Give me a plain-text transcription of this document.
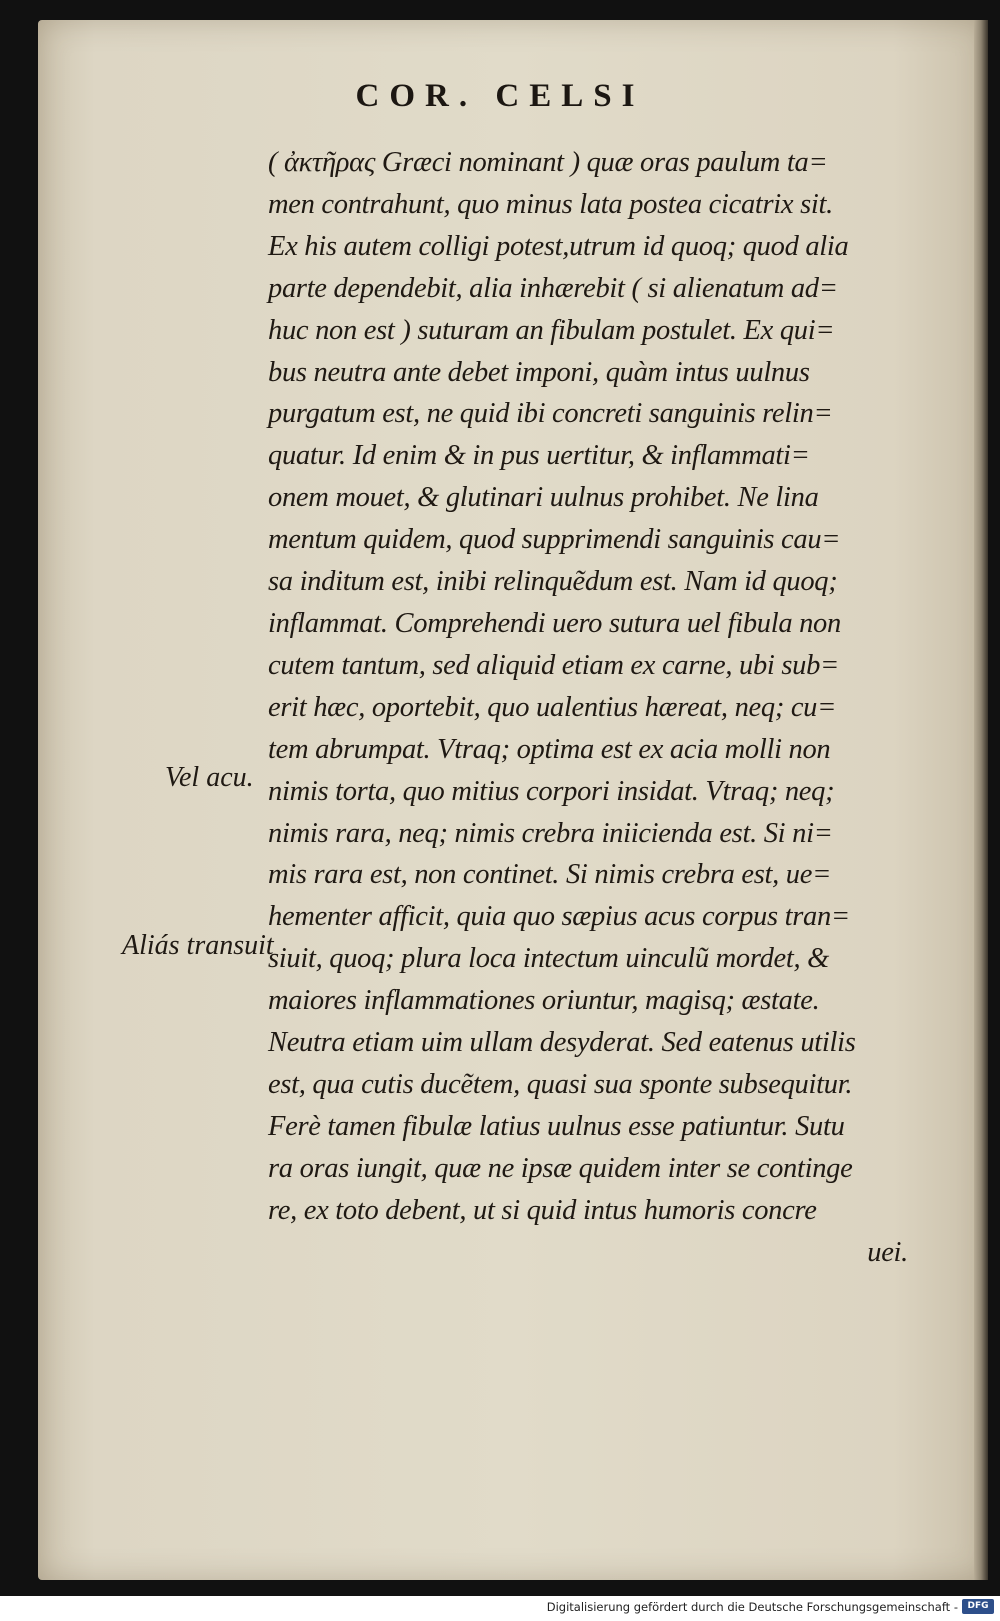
COR. CELSI
( ἀκτῆρας Græci nominant ) quæ oras paulum ta=
men contrahunt, quo minus lata postea cicatrix sit.
Ex his autem colligi potest,utrum id quoq; quod alia
parte dependebit, alia inhærebit ( si alienatum ad=
huc non est ) suturam an fibulam postulet. Ex qui=
bus neutra ante debet imponi, quàm intus uulnus
purgatum est, ne quid ibi concreti sanguinis relin=
quatur. Id enim & in pus uertitur, & inflammati=
onem mouet, & glutinari uulnus prohibet. Ne lina
mentum quidem, quod supprimendi sanguinis cau=
sa inditum est, inibi relinquẽdum est. Nam id quoq;
inflammat. Comprehendi uero sutura uel fibula non
cutem tantum, sed aliquid etiam ex carne, ubi sub=
erit hæc, oportebit, quo ualentius hæreat, neq; cu=
tem abrumpat. Vtraq; optima est ex acia molli non
nimis torta, quo mitius corpori insidat. Vtraq; neq;
nimis rara, neq; nimis crebra iniicienda est. Si ni=
mis rara est, non continet. Si nimis crebra est, ue=
hementer afficit, quia quo sæpius acus corpus tran=
siuit, quoq; plura loca intectum uinculũ mordet, &
maiores inflammationes oriuntur, magisq; æstate.
Neutra etiam uim ullam desyderat. Sed eatenus utilis
est, qua cutis ducẽtem, quasi sua sponte subsequitur.
Ferè tamen fibulæ latius uulnus esse patiuntur. Sutu
ra oras iungit, quæ ne ipsæ quidem inter se continge
re, ex toto debent, ut si quid intus humoris concre
uei.
Vel acu.
Aliás transuit
Digitalisierung gefördert durch die Deutsche Forschungsgemeinschaft -	DFG
